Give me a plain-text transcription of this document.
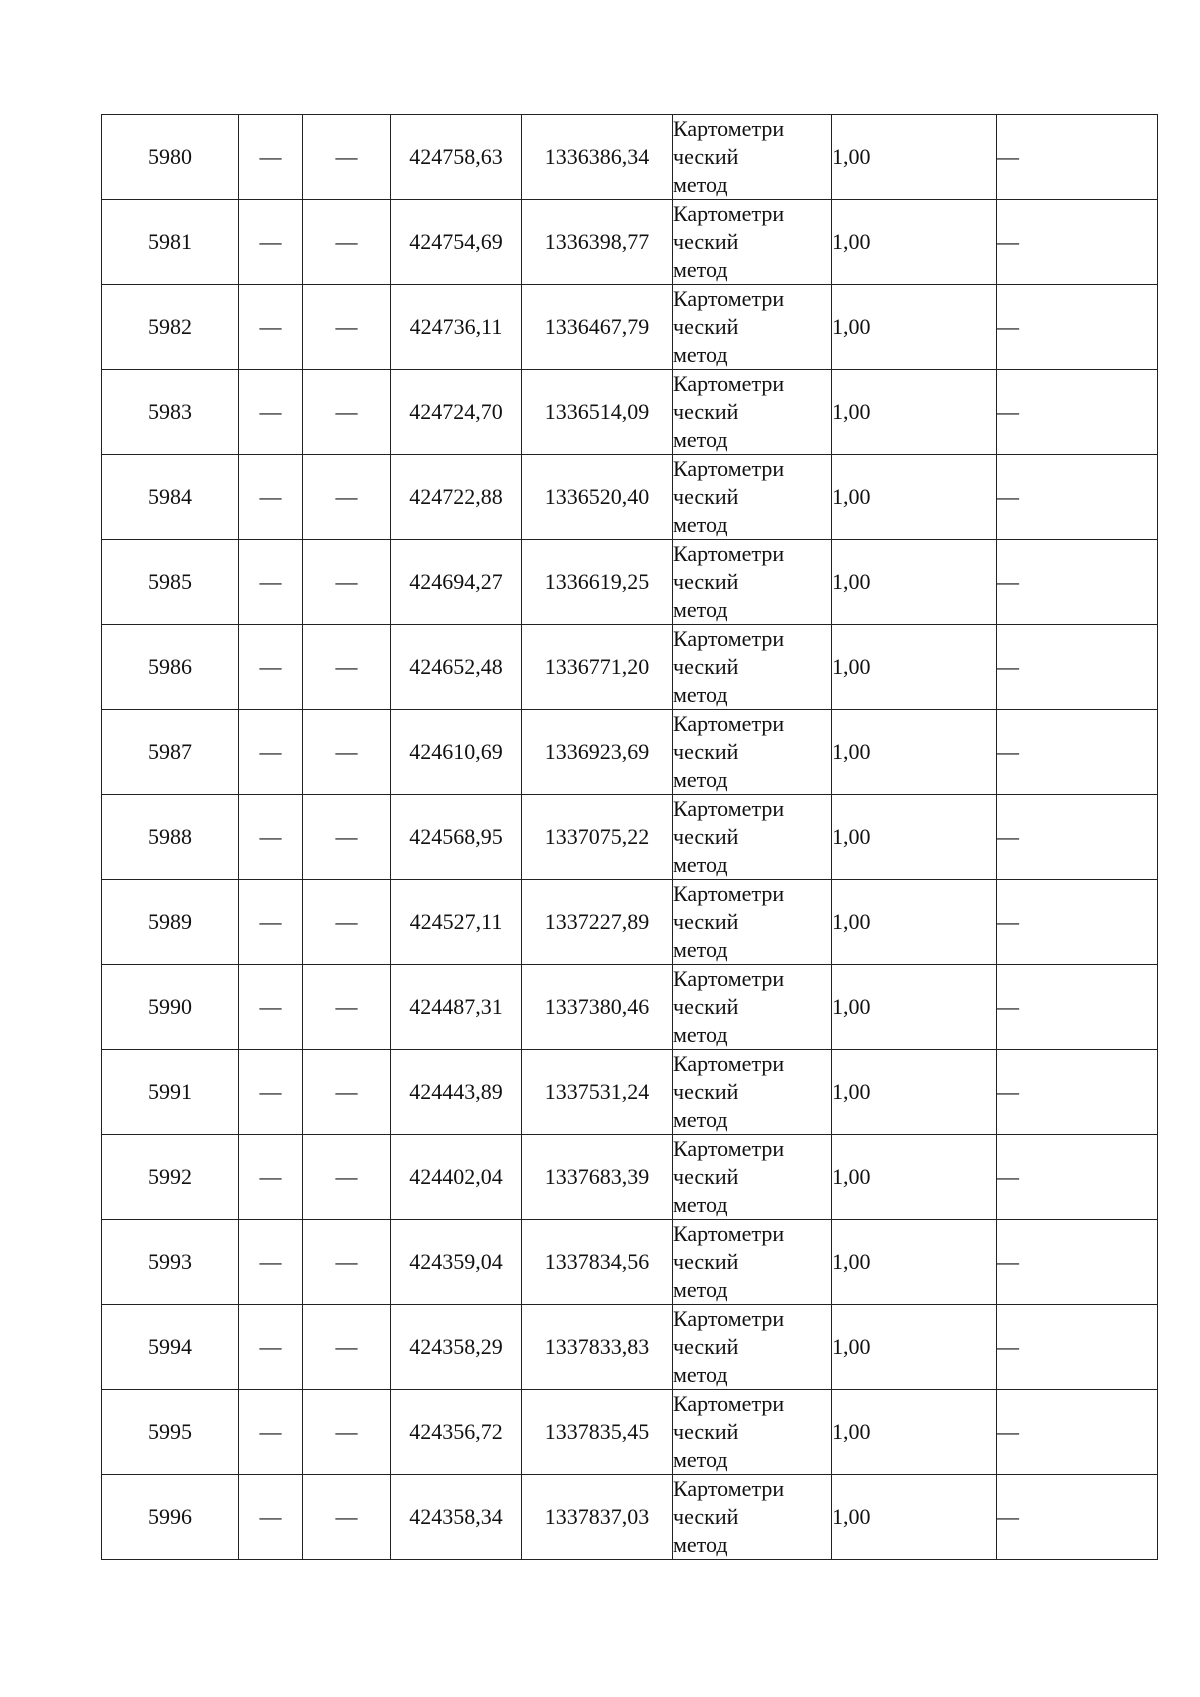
5980	—	—	424758,63	1336386,34	Картометри
ческий
метод	1,00	—
5981	—	—	424754,69	1336398,77	Картометри
ческий
метод	1,00	—
5982	—	—	424736,11	1336467,79	Картометри
ческий
метод	1,00	—
5983	—	—	424724,70	1336514,09	Картометри
ческий
метод	1,00	—
5984	—	—	424722,88	1336520,40	Картометри
ческий
метод	1,00	—
5985	—	—	424694,27	1336619,25	Картометри
ческий
метод	1,00	—
5986	—	—	424652,48	1336771,20	Картометри
ческий
метод	1,00	—
5987	—	—	424610,69	1336923,69	Картометри
ческий
метод	1,00	—
5988	—	—	424568,95	1337075,22	Картометри
ческий
метод	1,00	—
5989	—	—	424527,11	1337227,89	Картометри
ческий
метод	1,00	—
5990	—	—	424487,31	1337380,46	Картометри
ческий
метод	1,00	—
5991	—	—	424443,89	1337531,24	Картометри
ческий
метод	1,00	—
5992	—	—	424402,04	1337683,39	Картометри
ческий
метод	1,00	—
5993	—	—	424359,04	1337834,56	Картометри
ческий
метод	1,00	—
5994	—	—	424358,29	1337833,83	Картометри
ческий
метод	1,00	—
5995	—	—	424356,72	1337835,45	Картометри
ческий
метод	1,00	—
5996	—	—	424358,34	1337837,03	Картометри
ческий
метод	1,00	—
